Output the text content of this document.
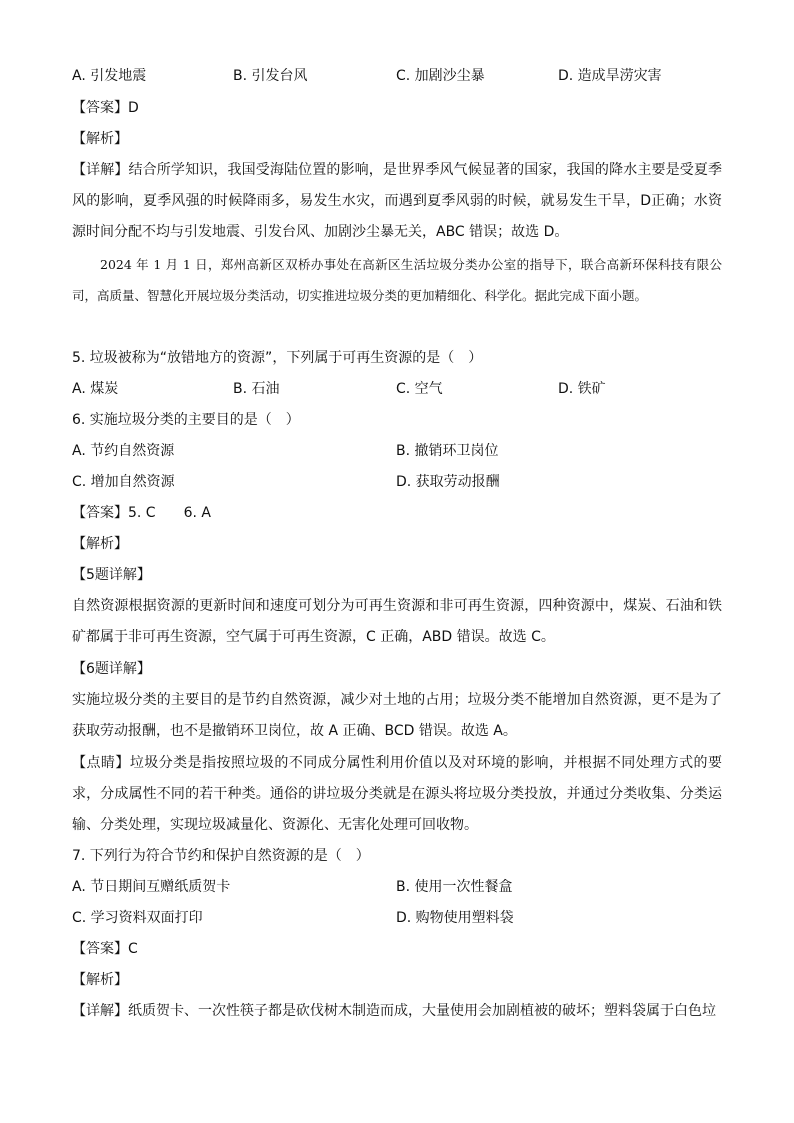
A. 引发地震	B. 引发台风	C. 加剧沙尘暴	D. 造成旱涝灾害
【答案】D
【解析】
【详解】结合所学知识，我国受海陆位置的影响，是世界季风气候显著的国家，我国的降水主要是受夏季风的影响，夏季风强的时候降雨多，易发生水灾，而遇到夏季风弱的时候，就易发生干旱，D正确；水资源时间分配不均与引发地震、引发台风、加剧沙尘暴无关，ABC 错误；故选 D。
2024 年 1 月 1 日，郑州高新区双桥办事处在高新区生活垃圾分类办公室的指导下，联合高新环保科技有限公司，高质量、智慧化开展垃圾分类活动，切实推进垃圾分类的更加精细化、科学化。据此完成下面小题。
5. 垃圾被称为“放错地方的资源”，下列属于可再生资源的是（　）
A. 煤炭	B. 石油	C. 空气	D. 铁矿
6. 实施垃圾分类的主要目的是（　）
A. 节约自然资源	B. 撤销环卫岗位
C. 增加自然资源	D. 获取劳动报酬
【答案】5. C　　6. A
【解析】
【5题详解】
自然资源根据资源的更新时间和速度可划分为可再生资源和非可再生资源，四种资源中，煤炭、石油和铁矿都属于非可再生资源，空气属于可再生资源，C 正确，ABD 错误。故选 C。
【6题详解】
实施垃圾分类的主要目的是节约自然资源，减少对土地的占用；垃圾分类不能增加自然资源，更不是为了获取劳动报酬，也不是撤销环卫岗位，故 A 正确、BCD 错误。故选 A。
【点睛】垃圾分类是指按照垃圾的不同成分属性利用价值以及对环境的影响，并根据不同处理方式的要求，分成属性不同的若干种类。通俗的讲垃圾分类就是在源头将垃圾分类投放，并通过分类收集、分类运输、分类处理，实现垃圾减量化、资源化、无害化处理可回收物。
7. 下列行为符合节约和保护自然资源的是（　）
A. 节日期间互赠纸质贺卡	B. 使用一次性餐盒
C. 学习资料双面打印	D. 购物使用塑料袋
【答案】C
【解析】
【详解】纸质贺卡、一次性筷子都是砍伐树木制造而成，大量使用会加剧植被的破坏；塑料袋属于白色垃
